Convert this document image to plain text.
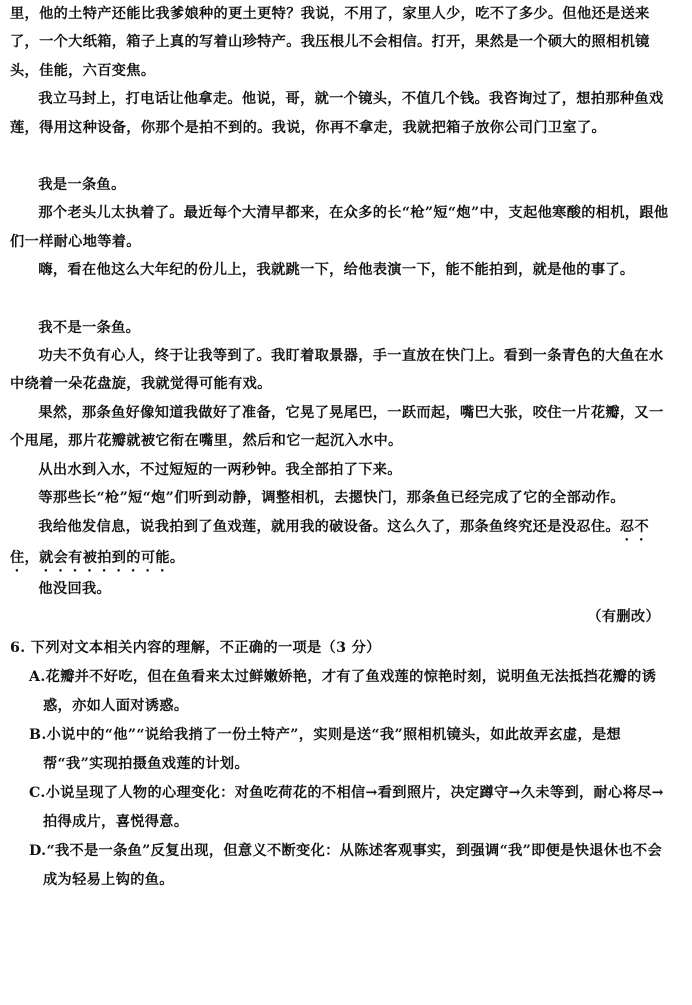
里，他的土特产还能比我爹娘种的更土更特？我说，不用了，家里人少，吃不了多少。但他还是送来了，一个大纸箱，箱子上真的写着山珍特产。我压根儿不会相信。打开，果然是一个硕大的照相机镜头，佳能，六百变焦。

我立马封上，打电话让他拿走。他说，哥，就一个镜头，不值几个钱。我咨询过了，想拍那种鱼戏莲，得用这种设备，你那个是拍不到的。我说，你再不拿走，我就把箱子放你公司门卫室了。

我是一条鱼。

那个老头儿太执着了。最近每个大清早都来，在众多的长“枪”短“炮”中，支起他寒酸的相机，跟他们一样耐心地等着。

嗨，看在他这么大年纪的份儿上，我就跳一下，给他表演一下，能不能拍到，就是他的事了。

我不是一条鱼。

功夫不负有心人，终于让我等到了。我盯着取景器，手一直放在快门上。看到一条青色的大鱼在水中绕着一朵花盘旋，我就觉得可能有戏。

果然，那条鱼好像知道我做好了准备，它晃了晃尾巴，一跃而起，嘴巴大张，咬住一片花瓣，又一个甩尾，那片花瓣就被它衔在嘴里，然后和它一起沉入水中。

从出水到入水，不过短短的一两秒钟。我全部拍了下来。

等那些长“枪”短“炮”们听到动静，调整相机，去摁快门，那条鱼已经完成了它的全部动作。

我给他发信息，说我拍到了鱼戏莲，就用我的破设备。这么久了，那条鱼终究还是没忍住。忍不住，就会有被拍到的可能。

他没回我。

（有删改）

6. 下列对文本相关内容的理解，不正确的一项是（3 分）

A.花瓣并不好吃，但在鱼看来太过鲜嫩娇艳，才有了鱼戏莲的惊艳时刻，说明鱼无法抵挡花瓣的诱惑，亦如人面对诱惑。

B.小说中的“他”“说给我捎了一份土特产”，实则是送“我”照相机镜头，如此故弄玄虚，是想帮“我”实现拍摄鱼戏莲的计划。

C.小说呈现了人物的心理变化：对鱼吃荷花的不相信→看到照片，决定蹲守→久未等到，耐心将尽→拍得成片，喜悦得意。

D.“我不是一条鱼”反复出现，但意义不断变化：从陈述客观事实，到强调“我”即便是快退休也不会成为轻易上钩的鱼。
